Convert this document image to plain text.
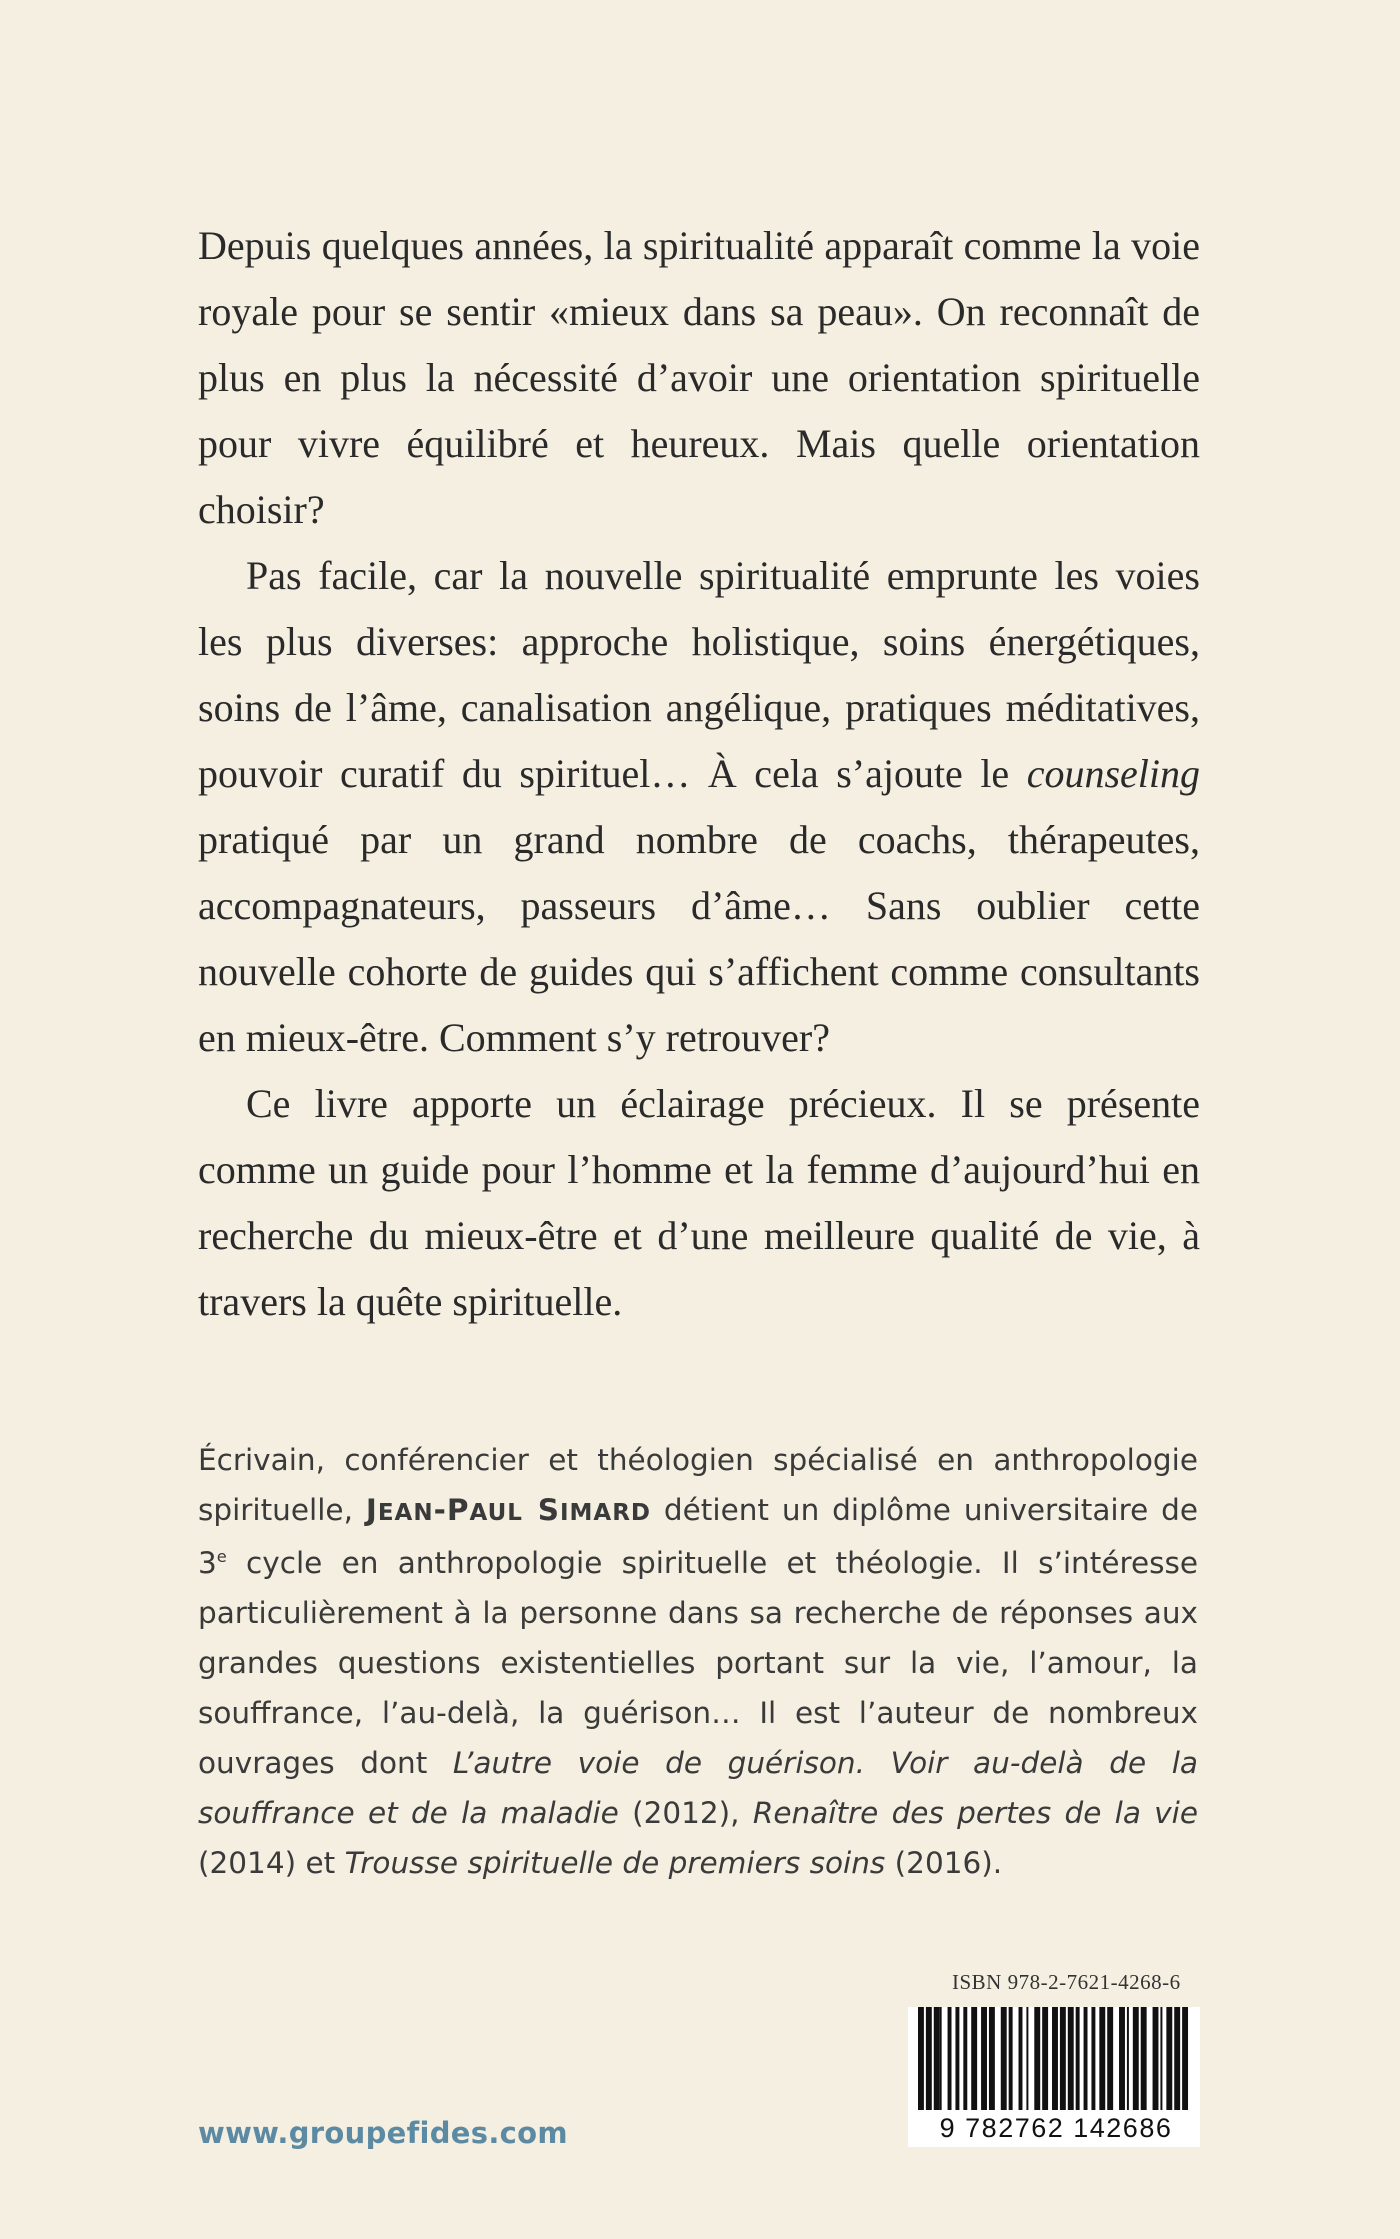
Depuis quelques années, la spiritualité apparaît comme la voie royale pour se sentir «mieux dans sa peau». On reconnaît de plus en plus la nécessité d’avoir une orientation spirituelle pour vivre équilibré et heureux. Mais quelle orientation choisir?

Pas facile, car la nouvelle spiritualité emprunte les voies les plus diverses: approche holistique, soins énergétiques, soins de l’âme, canalisation angélique, pratiques méditatives, pouvoir curatif du spirituel… À cela s’ajoute le counseling pratiqué par un grand nombre de coachs, thérapeutes, accompagnateurs, passeurs d’âme… Sans oublier cette nouvelle cohorte de guides qui s’affichent comme consultants en mieux-être. Comment s’y retrouver?

Ce livre apporte un éclairage précieux. Il se présente comme un guide pour l’homme et la femme d’aujourd’hui en recherche du mieux-être et d’une meilleure qualité de vie, à travers la quête spirituelle.

Écrivain, conférencier et théologien spécialisé en anthropologie spirituelle, JEAN-PAUL SIMARD détient un diplôme universitaire de 3e cycle en anthropologie spirituelle et théologie. Il s’intéresse particulièrement à la personne dans sa recherche de réponses aux grandes questions existentielles portant sur la vie, l’amour, la souffrance, l’au-delà, la guérison… Il est l’auteur de nombreux ouvrages dont L’autre voie de guérison. Voir au-delà de la souffrance et de la maladie (2012), Renaître des pertes de la vie (2014) et Trousse spirituelle de premiers soins (2016).

ISBN 978-2-7621-4268-6
9 782762 142686
www.groupefides.com
